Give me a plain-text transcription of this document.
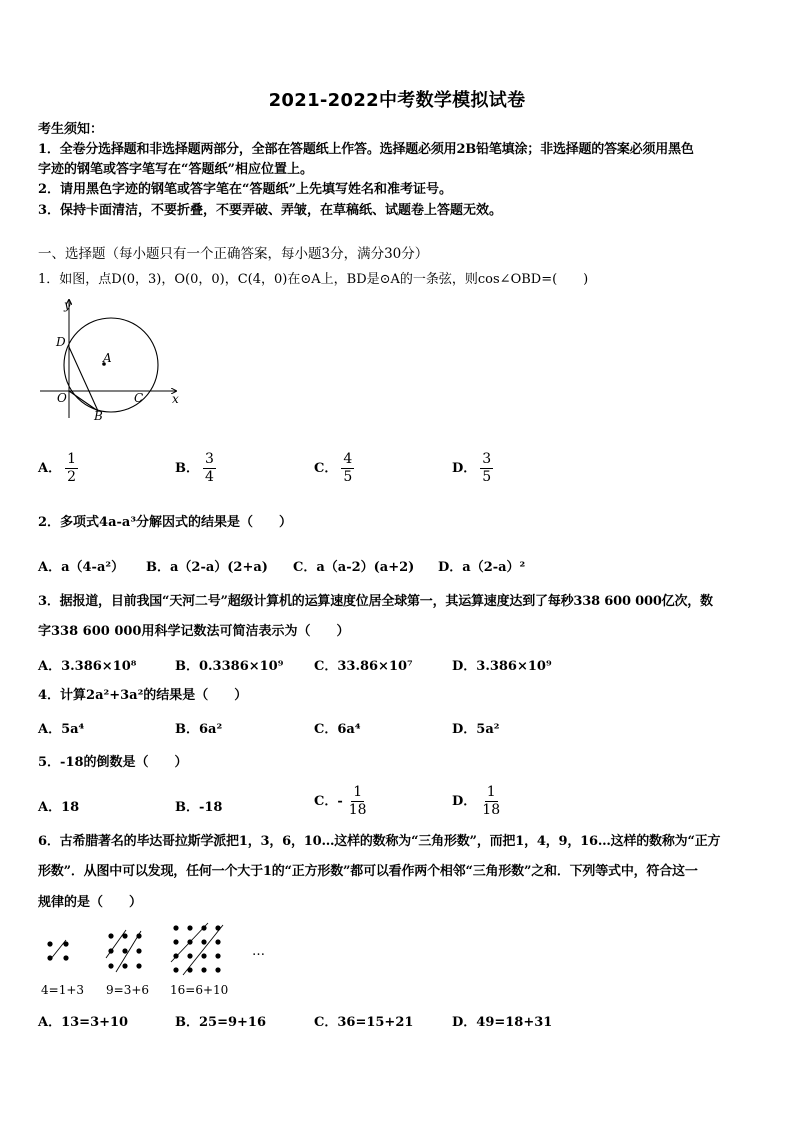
2021-2022中考数学模拟试卷
考生须知：
1．全卷分选择题和非选择题两部分，全部在答题纸上作答。选择题必须用2B铅笔填涂；非选择题的答案必须用黑色
字迹的钢笔或答字笔写在“答题纸”相应位置上。
2．请用黑色字迹的钢笔或答字笔在“答题纸”上先填写姓名和准考证号。
3．保持卡面清洁，不要折叠，不要弄破、弄皱，在草稿纸、试题卷上答题无效。
一、选择题（每小题只有一个正确答案，每小题3分，满分30分）
1．如图，点D(0，3)，O(0，0)，C(4，0)在⊙A上，BD是⊙A的一条弦，则cos∠OBD=(　　)
y
x
D
A
O	C
B
A． $\frac{1}{2}$	B． $\frac{3}{4}$	C． $\frac{4}{5}$	D． $\frac{3}{5}$
2．多项式4a-a³分解因式的结果是（　　）
A．a（4-a²） B．a（2-a）(2+a) C．a（a-2）(a+2) D．a（2-a）²
3．据报道，目前我国“天河二号”超级计算机的运算速度位居全球第一，其运算速度达到了每秒338 600 000亿次，数
字338 600 000用科学记数法可简洁表示为（　　）
A．3.386×10⁸	B．0.3386×10⁹ C．33.86×10⁷	D．3.386×10⁹
4．计算2a²+3a²的结果是（　　）
A．5a⁴	B．6a²	C．6a⁴	D．5a²
5．-18的倒数是（　　）
A．18	B．-18	C．- $\frac{1}{18}$	D． $\frac{1}{18}$
6．古希腊著名的毕达哥拉斯学派把1，3，6，10…这样的数称为“三角形数”，而把1，4，9，16…这样的数称为“正方
形数”．从图中可以发现，任何一个大于1的“正方形数”都可以看作两个相邻“三角形数”之和．下列等式中，符合这一
规律的是（　　）
…
4=1+3 9=3+6 16=6+10
A．13=3+10	B．25=9+16	C．36=15+21	D．49=18+31
